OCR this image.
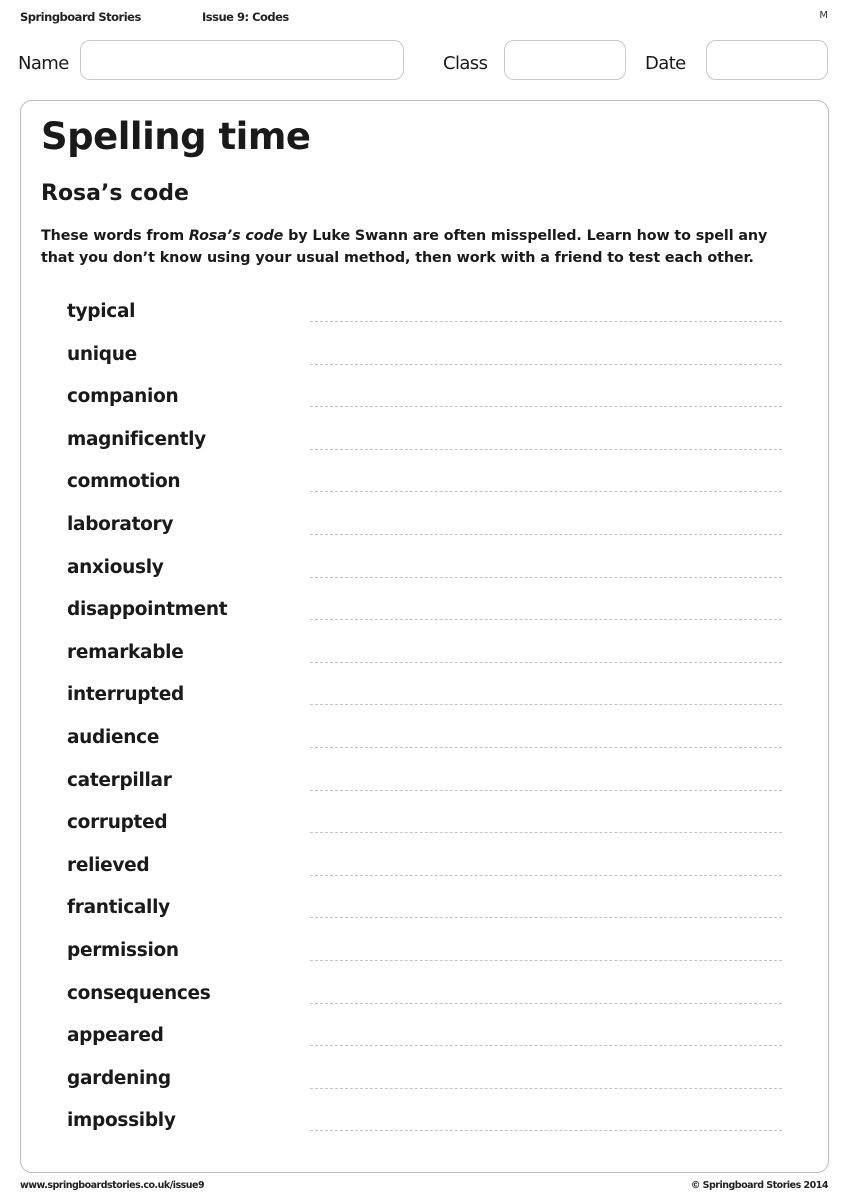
Springboard Stories	Issue 9: Codes	M
Name	Class	Date
Spelling time
Rosa’s code

These words from Rosa’s code by Luke Swann are often misspelled. Learn how to spell any that you don’t know using your usual method, then work with a friend to test each other.

typical
unique
companion
magnificently
commotion
laboratory
anxiously
disappointment
remarkable
interrupted
audience
caterpillar
corrupted
relieved
frantically
permission
consequences
appeared
gardening
impossibly
www.springboardstories.co.uk/issue9	© Springboard Stories 2014
